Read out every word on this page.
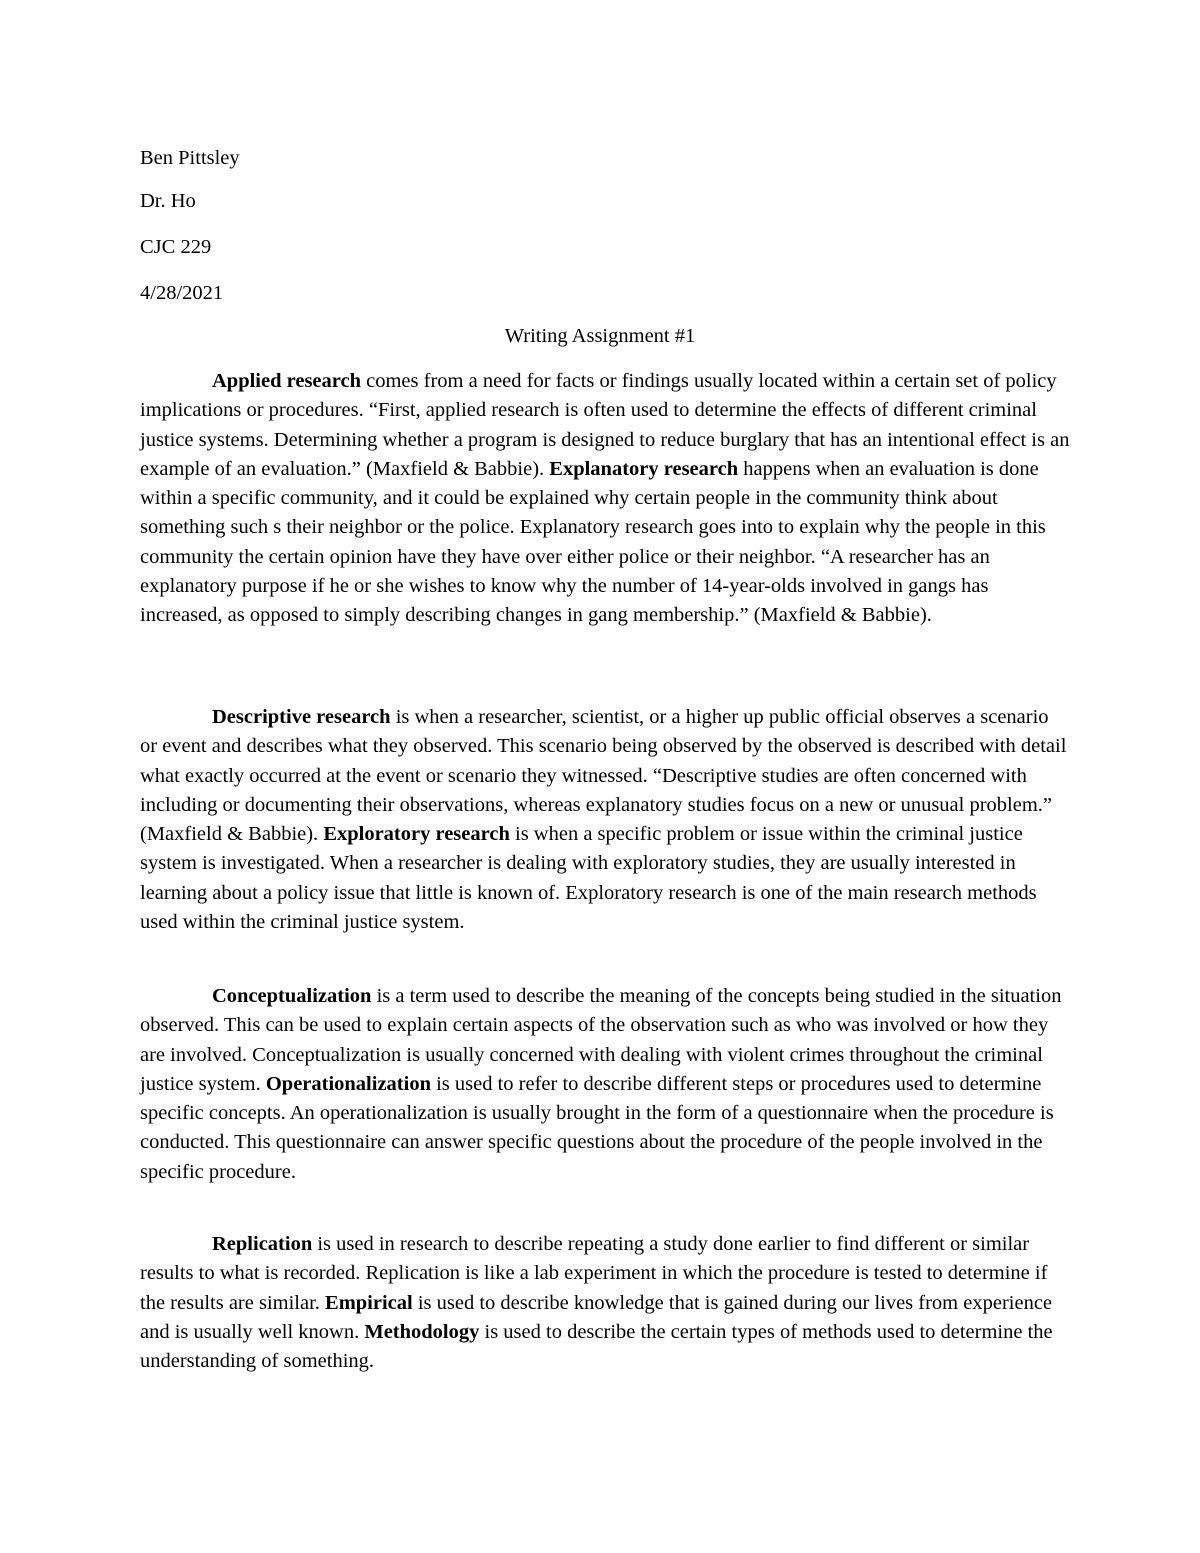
Ben Pittsley

Dr. Ho

CJC 229

4/28/2021

Writing Assignment #1

Applied research comes from a need for facts or findings usually located within a certain set of policy implications or procedures. “First, applied research is often used to determine the effects of different criminal justice systems. Determining whether a program is designed to reduce burglary that has an intentional effect is an example of an evaluation.” (Maxfield & Babbie). Explanatory research happens when an evaluation is done within a specific community, and it could be explained why certain people in the community think about something such s their neighbor or the police. Explanatory research goes into to explain why the people in this community the certain opinion have they have over either police or their neighbor. “A researcher has an explanatory purpose if he or she wishes to know why the number of 14-year-olds involved in gangs has increased, as opposed to simply describing changes in gang membership.” (Maxfield & Babbie).

Descriptive research is when a researcher, scientist, or a higher up public official observes a scenario or event and describes what they observed. This scenario being observed by the observed is described with detail what exactly occurred at the event or scenario they witnessed. “Descriptive studies are often concerned with including or documenting their observations, whereas explanatory studies focus on a new or unusual problem.” (Maxfield & Babbie). Exploratory research is when a specific problem or issue within the criminal justice system is investigated. When a researcher is dealing with exploratory studies, they are usually interested in learning about a policy issue that little is known of. Exploratory research is one of the main research methods used within the criminal justice system.

Conceptualization is a term used to describe the meaning of the concepts being studied in the situation observed. This can be used to explain certain aspects of the observation such as who was involved or how they are involved. Conceptualization is usually concerned with dealing with violent crimes throughout the criminal justice system. Operationalization is used to refer to describe different steps or procedures used to determine specific concepts. An operationalization is usually brought in the form of a questionnaire when the procedure is conducted. This questionnaire can answer specific questions about the procedure of the people involved in the specific procedure.

Replication is used in research to describe repeating a study done earlier to find different or similar results to what is recorded. Replication is like a lab experiment in which the procedure is tested to determine if the results are similar. Empirical is used to describe knowledge that is gained during our lives from experience and is usually well known. Methodology is used to describe the certain types of methods used to determine the understanding of something.
